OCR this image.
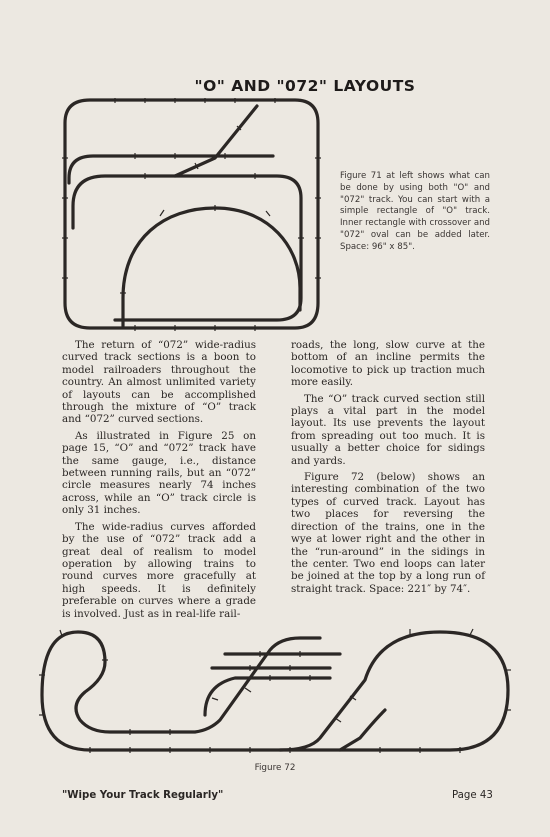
"O" AND "072" LAYOUTS
Figure 71 at left shows what can be done by using both "O" and "072" track. You can start with a simple rectangle of "O" track. Inner rectangle with crossover and "072" oval can be added later. Space: 96" x 85".

The return of “072” wide-radius curved track sections is a boon to model railroaders throughout the country. An almost unlimited variety of layouts can be accomplished through the mixture of “O” track and “072” curved sections.

As illustrated in Figure 25 on page 15, “O” and “072” track have the same gauge, i.e., distance between running rails, but an “072” circle measures nearly 74 inches across, while an “O” track circle is only 31 inches.

The wide-radius curves afforded by the use of “072” track add a great deal of realism to model operation by allowing trains to round curves more gracefully at high speeds. It is definitely preferable on curves where a grade is involved. Just as in real-life rail-

roads, the long, slow curve at the bottom of an incline permits the locomotive to pick up traction much more easily.

The “O” track curved section still plays a vital part in the model layout. Its use prevents the layout from spreading out too much. It is usually a better choice for sidings and yards.

Figure 72 (below) shows an interesting combination of the two types of curved track. Layout has two places for reversing the direction of the trains, one in the wye at lower right and the other in the “run-around” in the sidings in the center. Two end loops can later be joined at the top by a long run of straight track. Space: 221″ by 74″.

Figure 72
"Wipe Your Track Regularly"	Page 43
